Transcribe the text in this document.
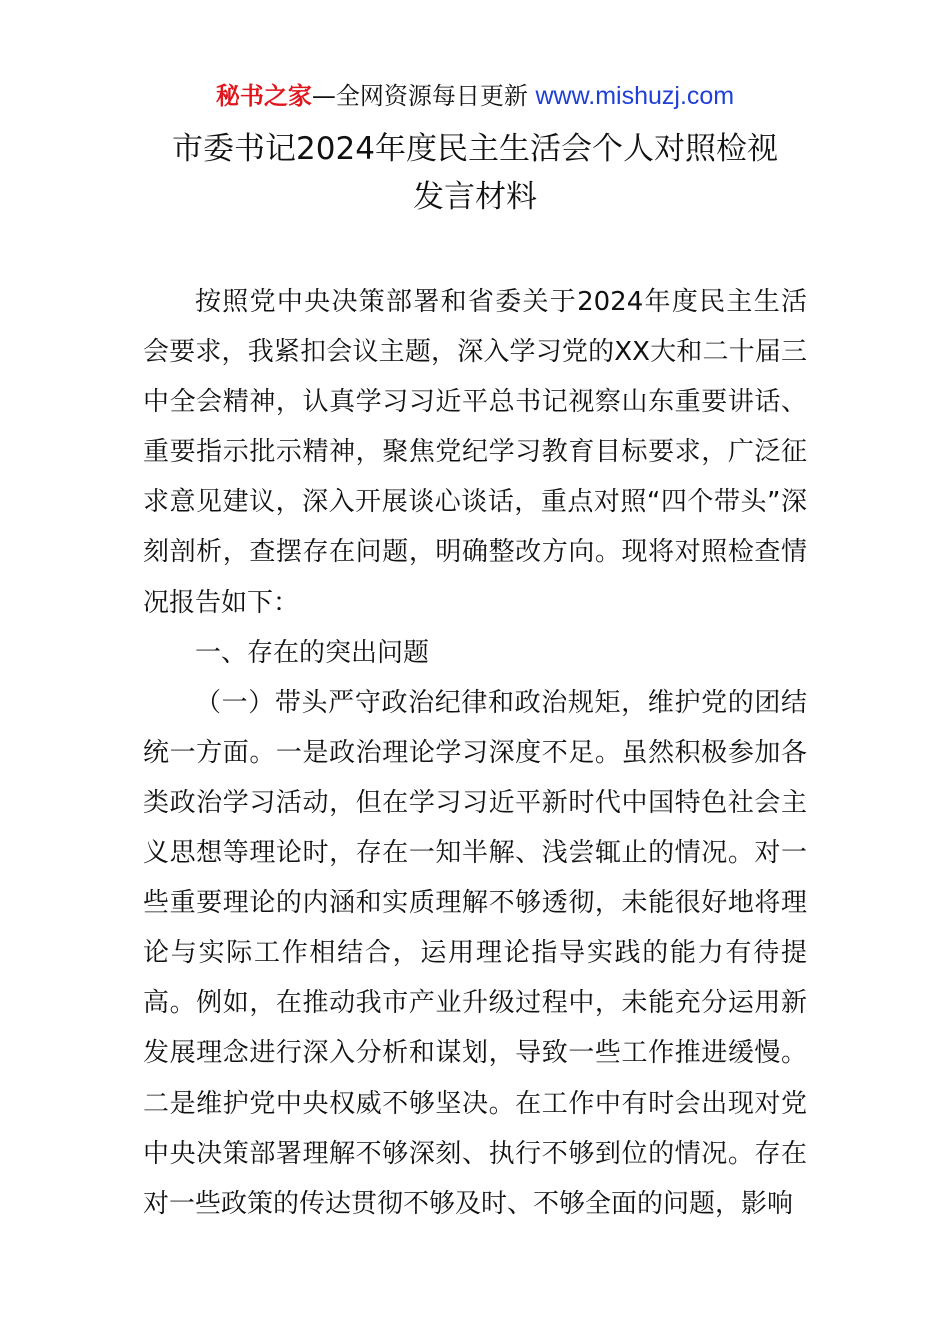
秘书之家—全网资源每日更新 www.mishuzj.com
市委书记2024年度民主生活会个人对照检视
发言材料

按照党中央决策部署和省委关于2024年度民主生活会要求，我紧扣会议主题，深入学习党的XX大和二十届三中全会精神，认真学习习近平总书记视察山东重要讲话、重要指示批示精神，聚焦党纪学习教育目标要求，广泛征求意见建议，深入开展谈心谈话，重点对照“四个带头”深刻剖析，查摆存在问题，明确整改方向。现将对照检查情况报告如下：

一、存在的突出问题

（一）带头严守政治纪律和政治规矩，维护党的团结统一方面。一是政治理论学习深度不足。虽然积极参加各类政治学习活动，但在学习习近平新时代中国特色社会主义思想等理论时，存在一知半解、浅尝辄止的情况。对一些重要理论的内涵和实质理解不够透彻，未能很好地将理论与实际工作相结合，运用理论指导实践的能力有待提高。例如，在推动我市产业升级过程中，未能充分运用新发展理念进行深入分析和谋划，导致一些工作推进缓慢。二是维护党中央权威不够坚决。在工作中有时会出现对党中央决策部署理解不够深刻、执行不够到位的情况。存在对一些政策的传达贯彻不够及时、不够全面的问题，影响
